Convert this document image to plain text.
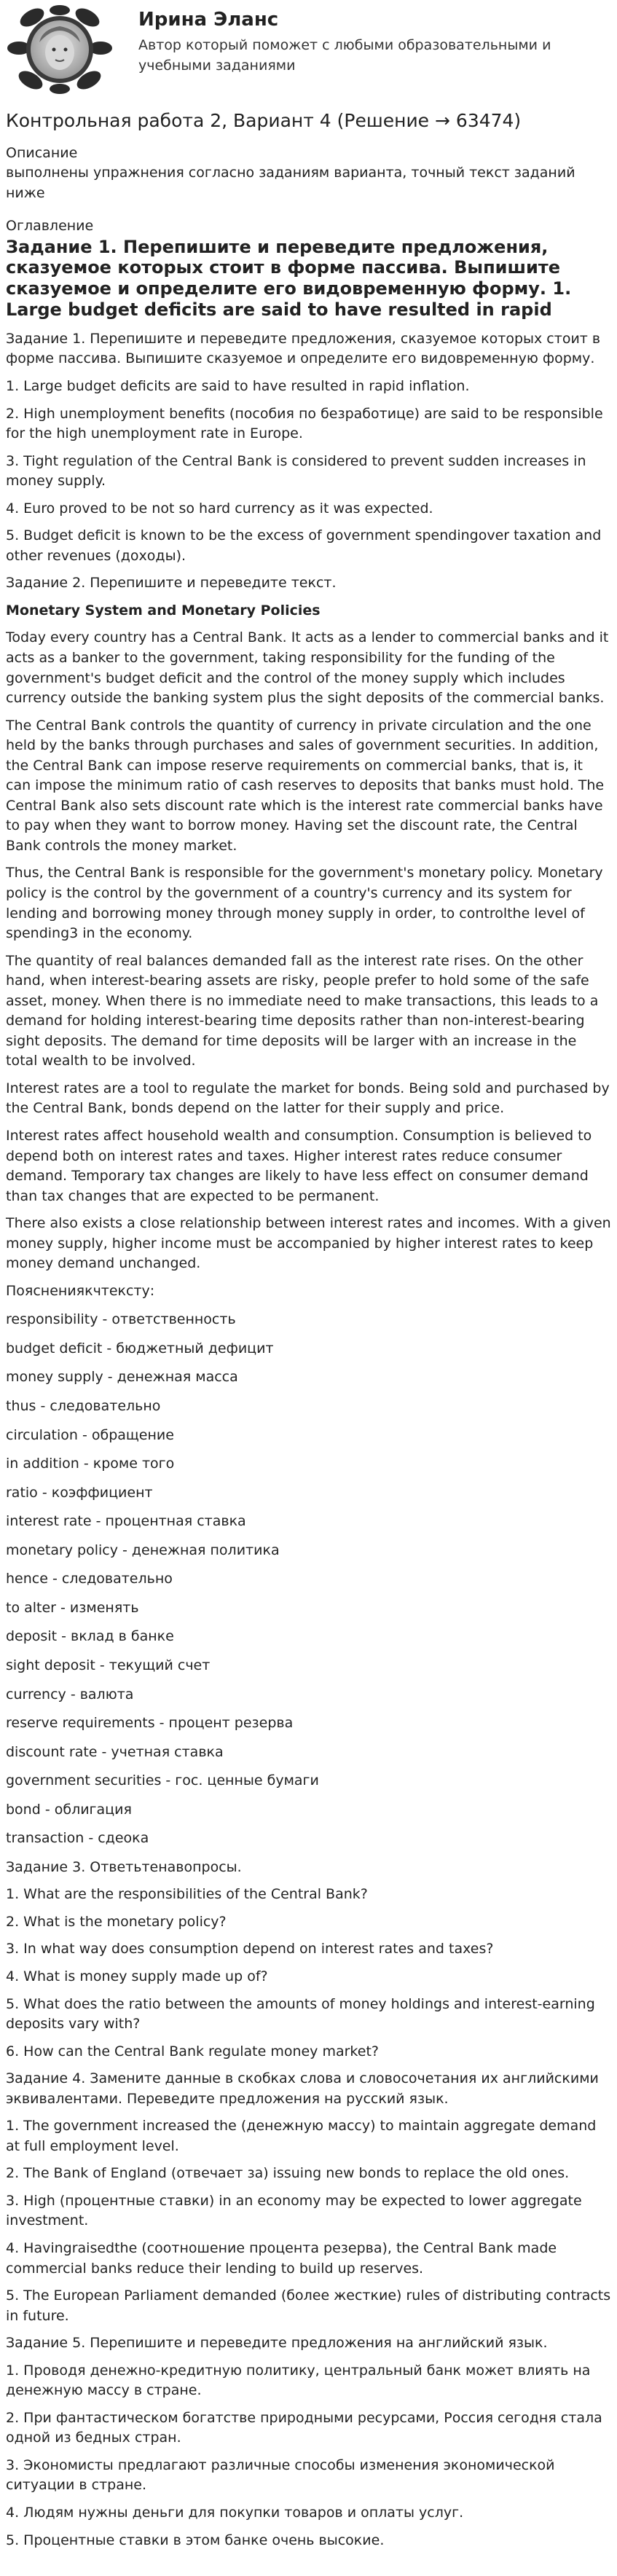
Ирина Эланс
Автор который поможет с любыми образовательными и учебными заданиями
Контрольная работа 2, Вариант 4 (Решение → 63474)
Описание
выполнены упражнения согласно заданиям варианта, точный текст заданий ниже
Оглавление
Задание 1. Перепишите и переведите предложения, сказуемое которых стоит в форме пассива. Выпишите сказуемое и определите его видовременную форму. 1. Large budget deficits are said to have resulted in rapid

Задание 1. Перепишите и переведите предложения, сказуемое которых стоит в форме пассива. Выпишите сказуемое и определите его видовременную форму.

1. Large budget deficits are said to have resulted in rapid inflation.

2. High unemployment benefits (пособия по безработице) are said to be responsible for the high unemployment rate in Europe.

3. Tight regulation of the Central Bank is considered to prevent sudden increases in money supply.

4. Euro proved to be not so hard currency as it was expected.

5. Budget deficit is known to be the excess of government spendingover taxation and other revenues (доходы).

Задание 2. Перепишите и переведите текст.

Monetary System and Monetary Policies

Today every country has a Central Bank. It acts as a lender to commercial banks and it acts as a banker to the government, taking responsibility for the funding of the government's budget deficit and the control of the money supply which includes currency outside the banking system plus the sight deposits of the commercial banks.

The Central Bank controls the quantity of currency in private circulation and the one held by the banks through purchases and sales of government securities. In addition, the Central Bank can impose reserve requirements on commercial banks, that is, it can impose the minimum ratio of cash reserves to deposits that banks must hold. The Central Bank also sets discount rate which is the interest rate commercial banks have to pay when they want to borrow money. Having set the discount rate, the Central Bank controls the money market.

Thus, the Central Bank is responsible for the government's monetary policy. Monetary policy is the control by the government of a country's currency and its system for lending and borrowing money through money supply in order, to controlthe level of spending3 in the economy.

The quantity of real balances demanded fall as the interest rate rises. On the other hand, when interest-bearing assets are risky, people prefer to hold some of the safe asset, money. When there is no immediate need to make transactions, this leads to a demand for holding interest-bearing time deposits rather than non-interest-bearing sight deposits. The demand for time deposits will be larger with an increase in the total wealth to be involved.

Interest rates are a tool to regulate the market for bonds. Being sold and purchased by the Central Bank, bonds depend on the latter for their supply and price.

Interest rates affect household wealth and consumption. Consumption is believed to depend both on interest rates and taxes. Higher interest rates reduce consumer demand. Temporary tax changes are likely to have less effect on consumer demand than tax changes that are expected to be permanent.

There also exists a close relationship between interest rates and incomes. With a given money supply, higher income must be accompanied by higher interest rates to keep money demand unchanged.

Пояснениякчтексту:

responsibility - ответственность

budget deficit - бюджетный дефицит

money supply - денежная масса

thus - следовательно

circulation - обращение

in addition - кроме того

ratio - коэффициент

interest rate - процентная ставка

monetary policy - денежная политика

hence - следовательно

to alter - изменять

deposit - вклад в банке

sight deposit - текущий счет

currency - валюта

reserve requirements - процент резерва

discount rate - учетная ставка

government securities - гос. ценные бумаги

bond - облигация

transaction - сдеока

Задание 3. Ответьтенавопросы.

1. What are the responsibilities of the Central Bank?

2. What is the monetary policy?

3. In what way does consumption depend on interest rates and taxes?

4. What is money supply made up of?

5. What does the ratio between the amounts of money holdings and interest-earning deposits vary with?

6. How can the Central Bank regulate money market?

Задание 4. Замените данные в скобках слова и словосочетания их английскими эквивалентами. Переведите предложения на русский язык.

1. The government increased the (денежную массу) to maintain aggregate demand at full employment level.

2. The Bank of England (отвечает за) issuing new bonds to replace the old ones.

3. High (процентные ставки) in an economy may be expected to lower aggregate investment.

4. Havingraisedthe (соотношение процента резерва), the Central Bank made commercial banks reduce their lending to build up reserves.

5. The European Parliament demanded (более жесткие) rules of distributing contracts in future.

Задание 5. Перепишите и переведите предложения на английский язык.

1. Проводя денежно-кредитную политику, центральный банк может влиять на денежную массу в стране.

2. При фантастическом богатстве природными ресурсами, Россия сегодня стала одной из бедных стран.

3. Экономисты предлагают различные способы изменения экономической ситуации в стране.

4. Людям нужны деньги для покупки товаров и оплаты услуг.

5. Процентные ставки в этом банке очень высокие.
